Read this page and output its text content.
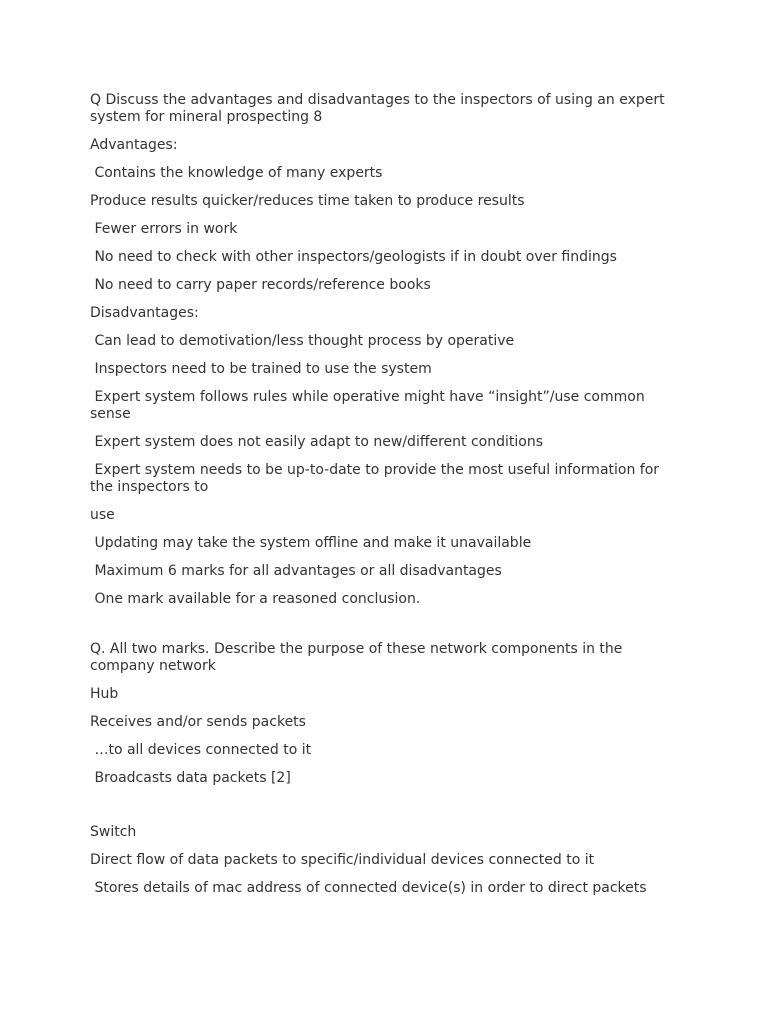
Q Discuss the advantages and disadvantages to the inspectors of using an expert system for mineral prospecting 8

Advantages:

Contains the knowledge of many experts

Produce results quicker/reduces time taken to produce results

Fewer errors in work

No need to check with other inspectors/geologists if in doubt over findings

No need to carry paper records/reference books

Disadvantages:

Can lead to demotivation/less thought process by operative

Inspectors need to be trained to use the system

Expert system follows rules while operative might have “insight”/use common sense

Expert system does not easily adapt to new/different conditions

Expert system needs to be up-to-date to provide the most useful information for the inspectors to

use

Updating may take the system offline and make it unavailable

Maximum 6 marks for all advantages or all disadvantages

One mark available for a reasoned conclusion.

Q. All two marks. Describe the purpose of these network components in the company network

Hub

Receives and/or sends packets

…to all devices connected to it

Broadcasts data packets [2]

Switch

Direct flow of data packets to specific/individual devices connected to it

Stores details of mac address of connected device(s) in order to direct packets
